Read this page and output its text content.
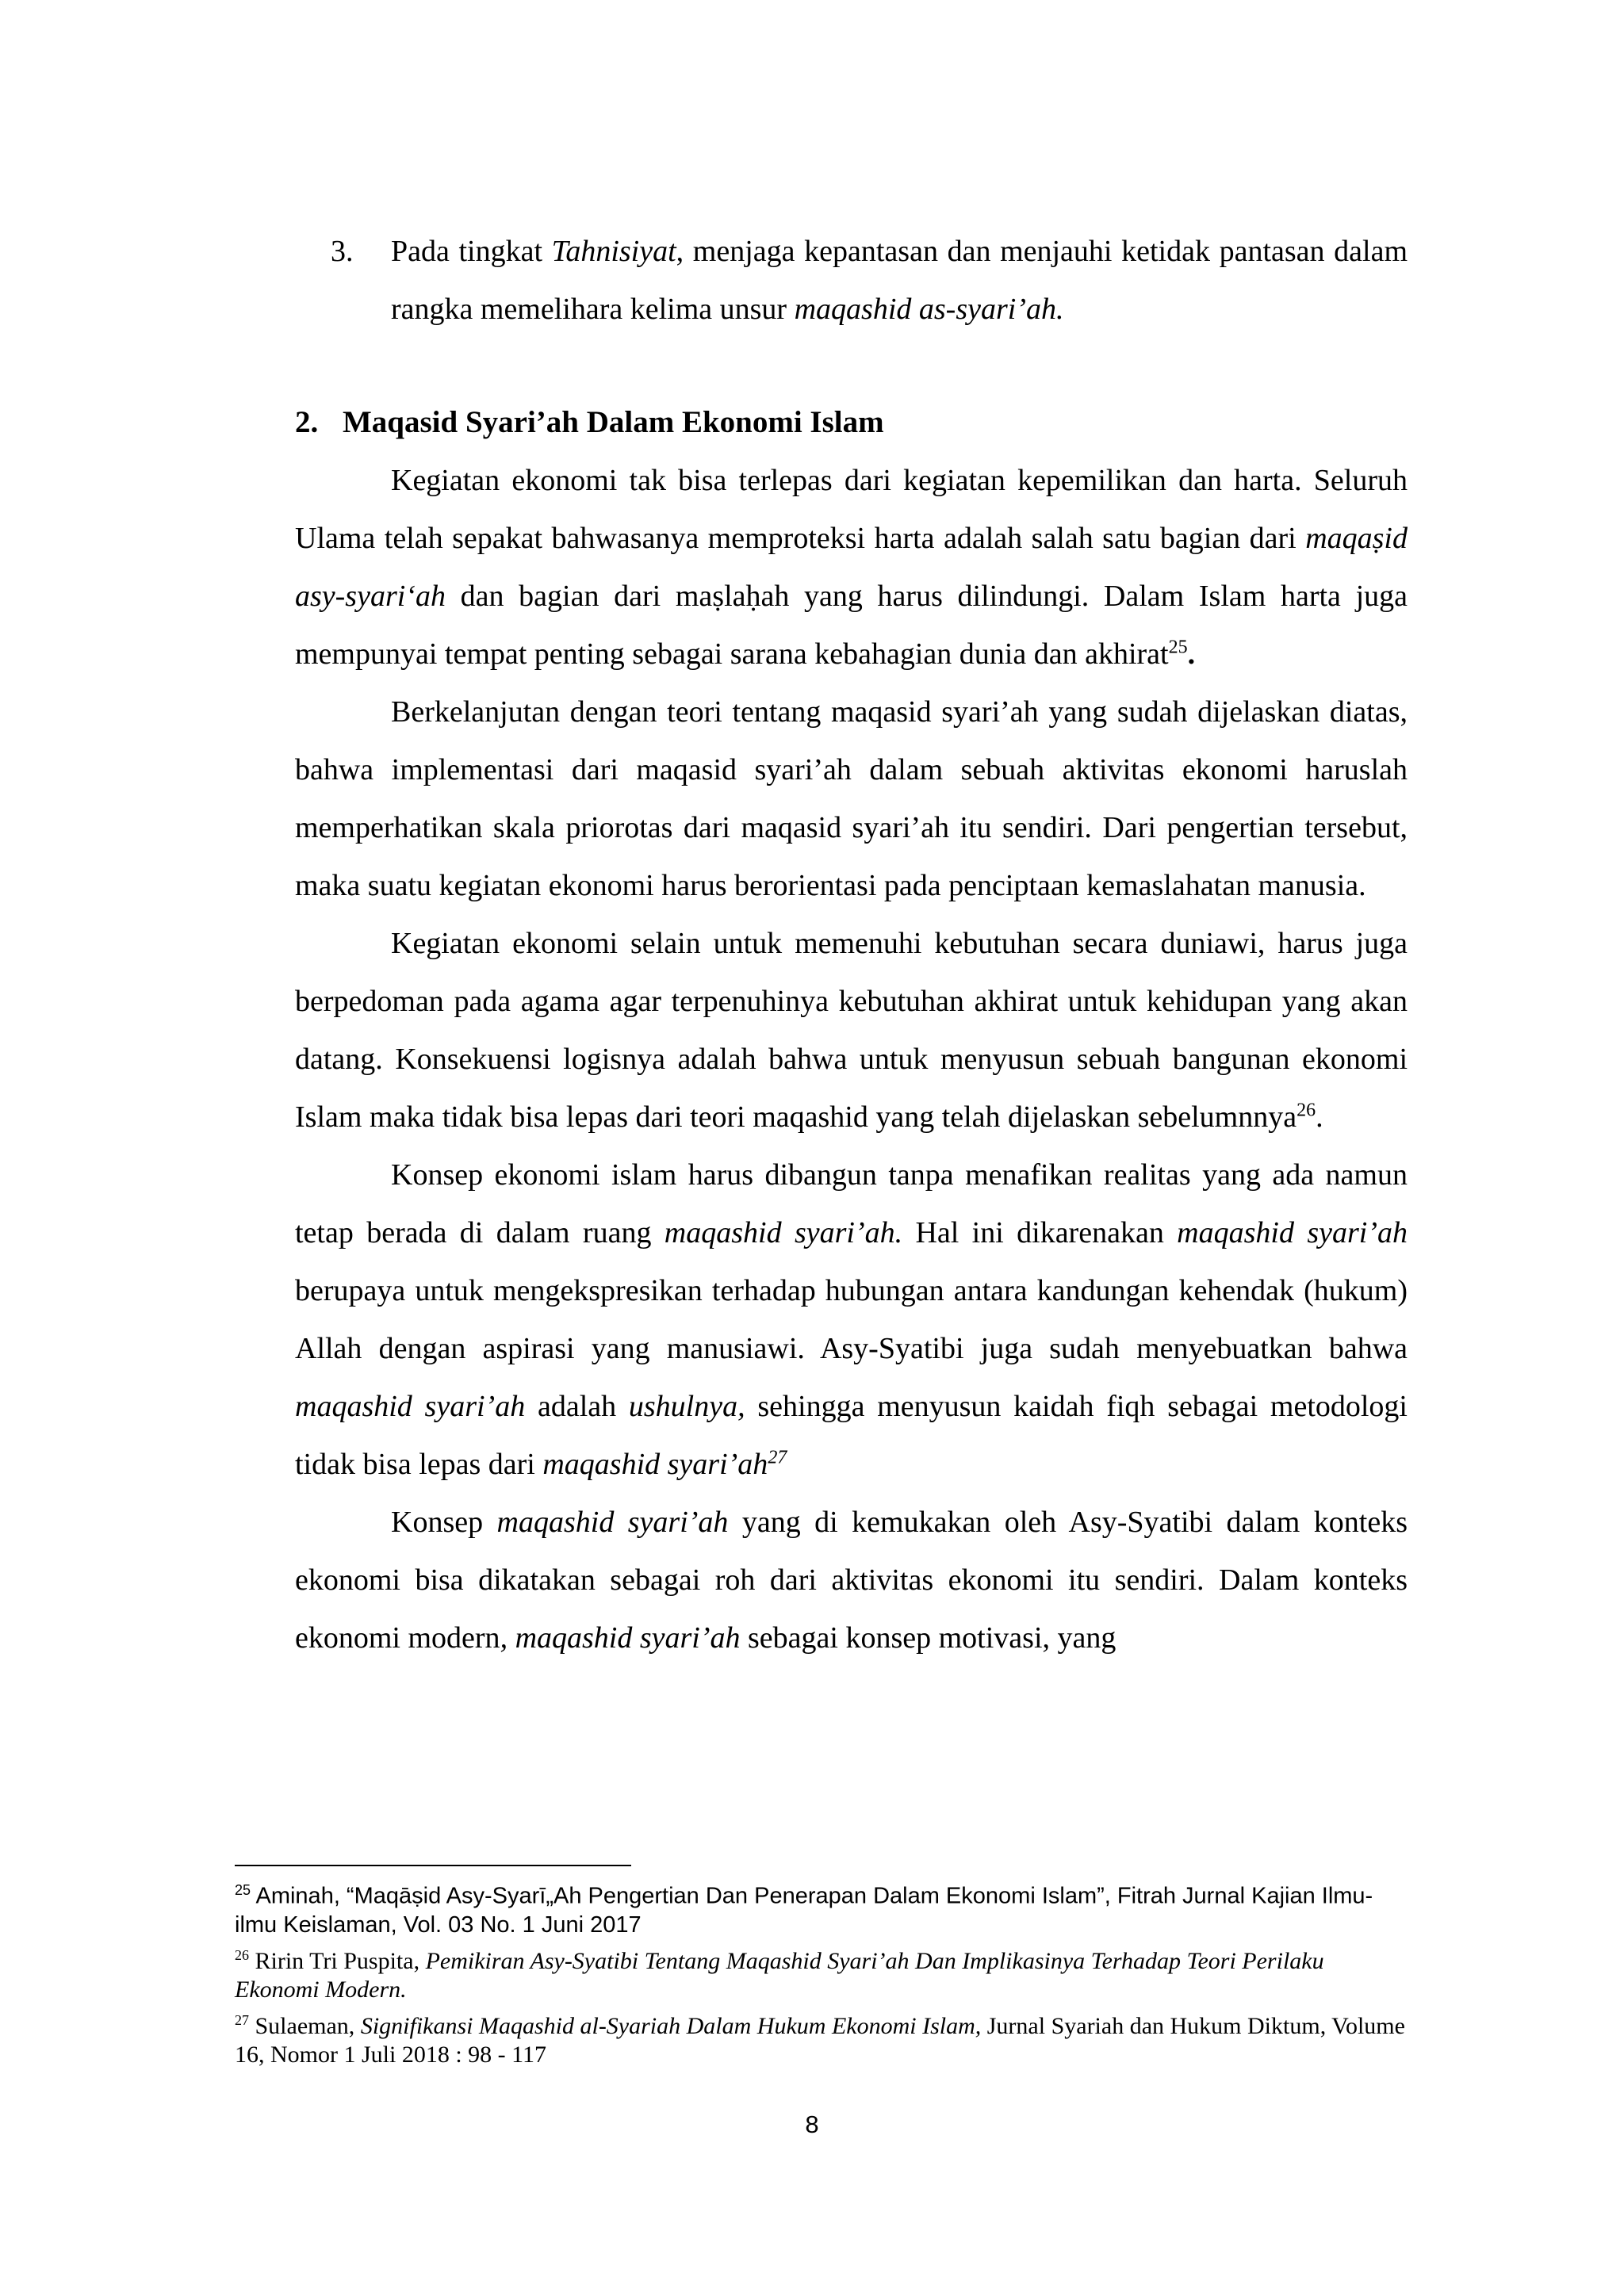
3. Pada tingkat Tahnisiyat, menjaga kepantasan dan menjauhi ketidak pantasan dalam rangka memelihara kelima unsur maqashid as-syari’ah.
2. Maqasid Syari’ah Dalam Ekonomi Islam

Kegiatan ekonomi tak bisa terlepas dari kegiatan kepemilikan dan harta. Seluruh Ulama telah sepakat bahwasanya memproteksi harta adalah salah satu bagian dari maqaṣid asy-syari‘ah dan bagian dari maṣlaḥah yang harus dilindungi. Dalam Islam harta juga mempunyai tempat penting sebagai sarana kebahagian dunia dan akhirat$^{25}$.

Berkelanjutan dengan teori tentang maqasid syari’ah yang sudah dijelaskan diatas, bahwa implementasi dari maqasid syari’ah dalam sebuah aktivitas ekonomi haruslah memperhatikan skala priorotas dari maqasid syari’ah itu sendiri. Dari pengertian tersebut, maka suatu kegiatan ekonomi harus berorientasi pada penciptaan kemaslahatan manusia.

Kegiatan ekonomi selain untuk memenuhi kebutuhan secara duniawi, harus juga berpedoman pada agama agar terpenuhinya kebutuhan akhirat untuk kehidupan yang akan datang. Konsekuensi logisnya adalah bahwa untuk menyusun sebuah bangunan ekonomi Islam maka tidak bisa lepas dari teori maqashid yang telah dijelaskan sebelumnnya$^{26}$.

Konsep ekonomi islam harus dibangun tanpa menafikan realitas yang ada namun tetap berada di dalam ruang maqashid syari’ah. Hal ini dikarenakan maqashid syari’ah berupaya untuk mengekspresikan terhadap hubungan antara kandungan kehendak (hukum) Allah dengan aspirasi yang manusiawi. Asy-Syatibi juga sudah menyebuatkan bahwa maqashid syari’ah adalah ushulnya, sehingga menyusun kaidah fiqh sebagai metodologi tidak bisa lepas dari maqashid syari’ah$^{27}$

Konsep maqashid syari’ah yang di kemukakan oleh Asy-Syatibi dalam konteks ekonomi bisa dikatakan sebagai roh dari aktivitas ekonomi itu sendiri. Dalam konteks ekonomi modern, maqashid syari’ah sebagai konsep motivasi, yang

$^{25}$ Aminah, “Maqāṣid Asy-Syarī„Ah Pengertian Dan Penerapan Dalam Ekonomi Islam”, Fitrah Jurnal Kajian Ilmu-ilmu Keislaman, Vol. 03 No. 1 Juni 2017

$^{26}$ Ririn Tri Puspita, Pemikiran Asy-Syatibi Tentang Maqashid Syari’ah Dan Implikasinya Terhadap Teori Perilaku Ekonomi Modern.

$^{27}$ Sulaeman, Signifikansi Maqashid al-Syariah Dalam Hukum Ekonomi Islam, Jurnal Syariah dan Hukum Diktum, Volume 16, Nomor 1 Juli 2018 : 98 - 117

8
